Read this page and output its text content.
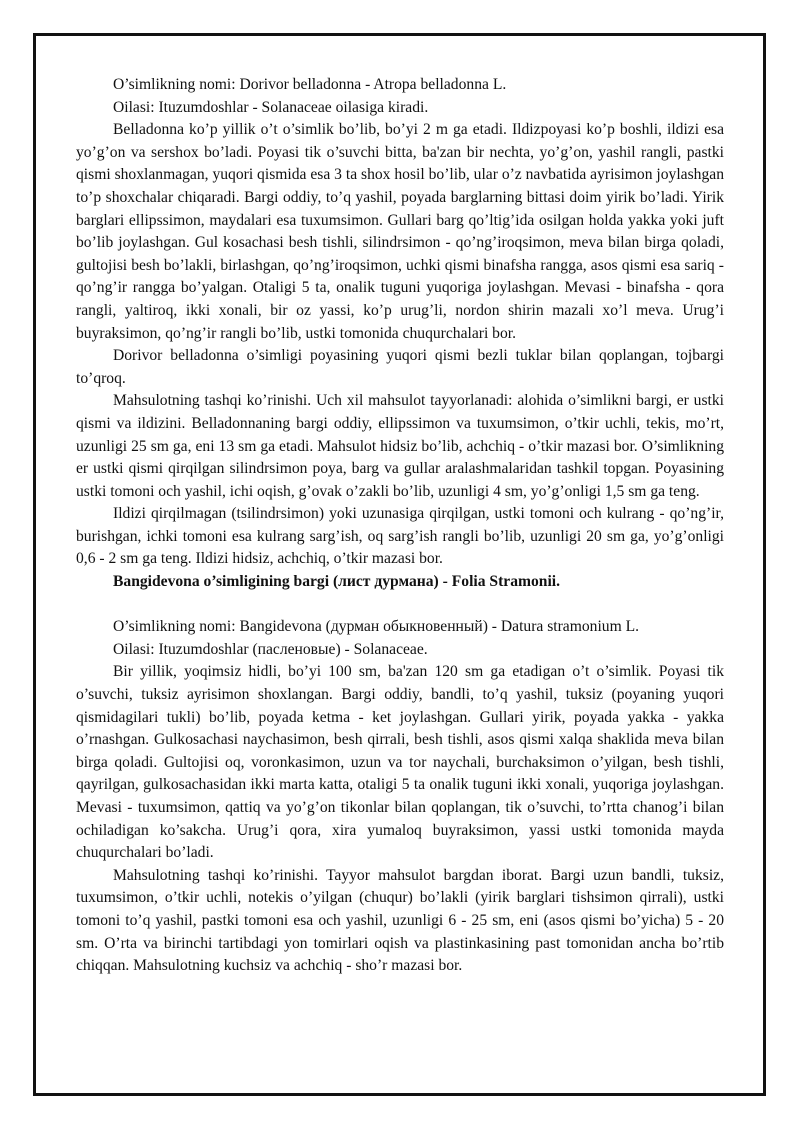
O’simlikning nomi: Dorivor belladonna - Atropa belladonna L.

Oilasi: Ituzumdoshlar - Solanaceae oilasiga kiradi.

Belladonna ko’p yillik o’t o’simlik bo’lib, bo’yi 2 m ga etadi. Ildizpoyasi ko’p boshli, ildizi esa yo’g’on va sershox bo’ladi. Poyasi tik o’suvchi bitta, ba'zan bir nechta, yo’g’on, yashil rangli, pastki qismi shoxlanmagan, yuqori qismida esa 3 ta shox hosil bo’lib, ular o’z navbatida ayrisimon joylashgan to’p shoxchalar chiqaradi. Bargi oddiy, to’q yashil, poyada barglarning bittasi doim yirik bo’ladi. Yirik barglari ellipssimon, maydalari esa tuxumsimon. Gullari barg qo’ltig’ida osilgan holda yakka yoki juft bo’lib joylashgan. Gul kosachasi besh tishli, silindrsimon - qo’ng’iroqsimon, meva bilan birga qoladi, gultojisi besh bo’lakli, birlashgan, qo’ng’iroqsimon, uchki qismi binafsha rangga, asos qismi esa sariq - qo’ng’ir rangga bo’yalgan. Otaligi 5 ta, onalik tuguni yuqoriga joylashgan. Mevasi - binafsha - qora rangli, yaltiroq, ikki xonali, bir oz yassi, ko’p urug’li, nordon shirin mazali xo’l meva. Urug’i buyraksimon, qo’ng’ir rangli bo’lib, ustki tomonida chuqurchalari bor.

Dorivor belladonna o’simligi poyasining yuqori qismi bezli tuklar bilan qoplangan, tojbargi to’qroq.

Mahsulotning tashqi ko’rinishi. Uch xil mahsulot tayyorlanadi: alohida o’simlikni bargi, er ustki qismi va ildizini. Belladonnaning bargi oddiy, ellipssimon va tuxumsimon, o’tkir uchli, tekis, mo’rt, uzunligi 25 sm ga, eni 13 sm ga etadi. Mahsulot hidsiz bo’lib, achchiq - o’tkir mazasi bor. O’simlikning er ustki qismi qirqilgan silindrsimon poya, barg va gullar aralashmalaridan tashkil topgan. Poyasining ustki tomoni och yashil, ichi oqish, g’ovak o’zakli bo’lib, uzunligi 4 sm, yo’g’onligi 1,5 sm ga teng.

Ildizi qirqilmagan (tsilindrsimon) yoki uzunasiga qirqilgan, ustki tomoni och kulrang - qo’ng’ir, burishgan, ichki tomoni esa kulrang sarg’ish, oq sarg’ish rangli bo’lib, uzunligi 20 sm ga, yo’g’onligi 0,6 - 2 sm ga teng. Ildizi hidsiz, achchiq, o’tkir mazasi bor.

Bangidevona o’simligining bargi (лист дурмана) - Folia Stramonii.

O’simlikning nomi: Bangidevona (дурман обыкновенный) - Datura stramonium L.

Oilasi: Ituzumdoshlar (пасленовые) - Solanaceae.

Bir yillik, yoqimsiz hidli, bo’yi 100 sm, ba'zan 120 sm ga etadigan o’t o’simlik. Poyasi tik o’suvchi, tuksiz ayrisimon shoxlangan. Bargi oddiy, bandli, to’q yashil, tuksiz (poyaning yuqori qismidagilari tukli) bo’lib, poyada ketma - ket joylashgan. Gullari yirik, poyada yakka - yakka o’rnashgan. Gulkosachasi naychasimon, besh qirrali, besh tishli, asos qismi xalqa shaklida meva bilan birga qoladi. Gultojisi oq, voronkasimon, uzun va tor naychali, burchaksimon o’yilgan, besh tishli, qayrilgan, gulkosachasidan ikki marta katta, otaligi 5 ta onalik tuguni ikki xonali, yuqoriga joylashgan. Mevasi - tuxumsimon, qattiq va yo’g’on tikonlar bilan qoplangan, tik o’suvchi, to’rtta chanog’i bilan ochiladigan ko’sakcha. Urug’i qora, xira yumaloq buyraksimon, yassi ustki tomonida mayda chuqurchalari bo’ladi.

Mahsulotning tashqi ko’rinishi. Tayyor mahsulot bargdan iborat. Bargi uzun bandli, tuksiz, tuxumsimon, o’tkir uchli, notekis o’yilgan (chuqur) bo’lakli (yirik barglari tishsimon qirrali), ustki tomoni to’q yashil, pastki tomoni esa och yashil, uzunligi 6 - 25 sm, eni (asos qismi bo’yicha) 5 - 20 sm. O’rta va birinchi tartibdagi yon tomirlari oqish va plastinkasining past tomonidan ancha bo’rtib chiqqan. Mahsulotning kuchsiz va achchiq - sho’r mazasi bor.
